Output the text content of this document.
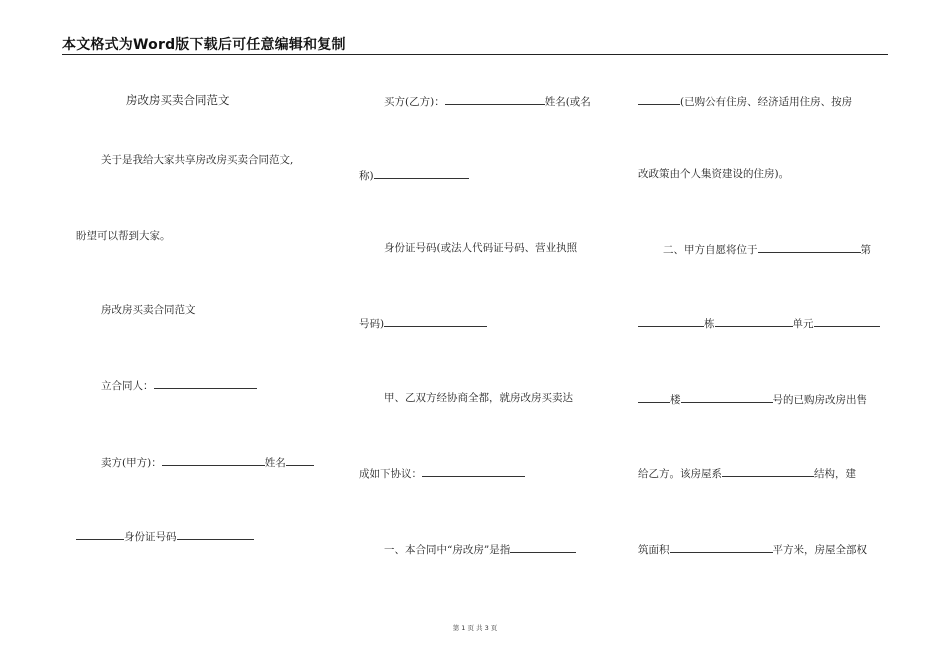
本文格式为Word版下载后可任意编辑和复制
房改房买卖合同范文
关于是我给大家共享房改房买卖合同范文,
盼望可以帮到大家。
房改房买卖合同范文
立合同人：
卖方(甲方)：	姓名
身份证号码
买方(乙方)：	姓名(或名
称)
身份证号码(或法人代码证号码、营业执照
号码)
甲、乙双方经协商全都，就房改房买卖达
成如下协议：
一、本合同中“房改房”是指
(已购公有住房、经济适用住房、按房
改政策由个人集资建设的住房)。
二、甲方自愿将位于	第
栋	单元
楼	号的已购房改房出售
给乙方。该房屋系	结构，建
筑面积	平方米，房屋全部权
第 1 页 共 3 页
